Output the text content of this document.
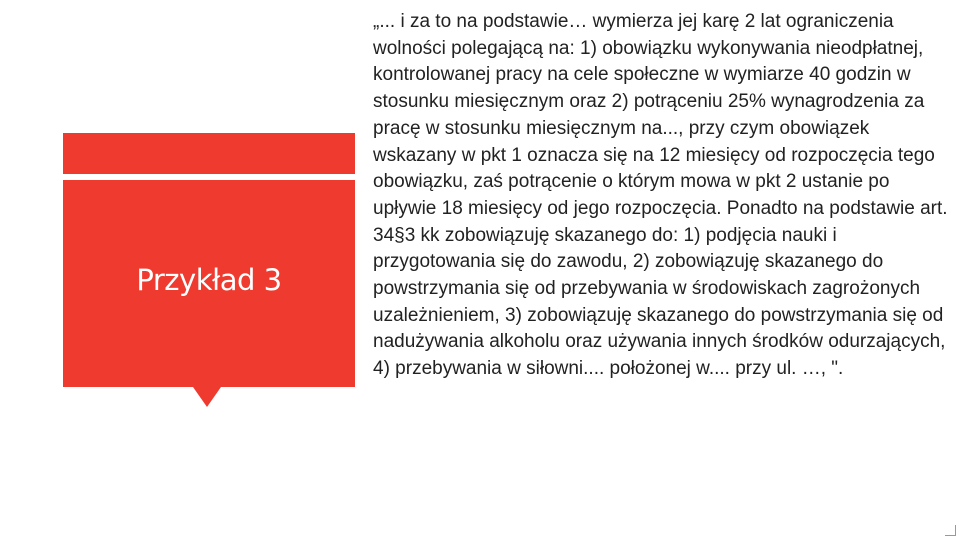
Przykład 3

„... i za to na podstawie… wymierza jej karę 2 lat ograniczenia wolności polegającą na: 1) obowiązku wykonywania nieodpłatnej, kontrolowanej pracy na cele społeczne w wymiarze 40 godzin w stosunku miesięcznym oraz 2) potrąceniu 25% wynagrodzenia za pracę w stosunku miesięcznym na..., przy czym obowiązek wskazany w pkt 1 oznacza się na 12 miesięcy od rozpoczęcia tego obowiązku, zaś potrącenie o którym mowa w pkt 2 ustanie po upływie 18 miesięcy od jego rozpoczęcia. Ponadto na podstawie art. 34§3 kk zobowiązuję skazanego do: 1) podjęcia nauki i przygotowania się do zawodu, 2) zobowiązuję skazanego do powstrzymania się od przebywania w środowiskach zagrożonych uzależnieniem, 3) zobowiązuję skazanego do powstrzymania się od nadużywania alkoholu oraz używania innych środków odurzających, 4) przebywania w siłowni.... położonej w.... przy ul. …, ".
